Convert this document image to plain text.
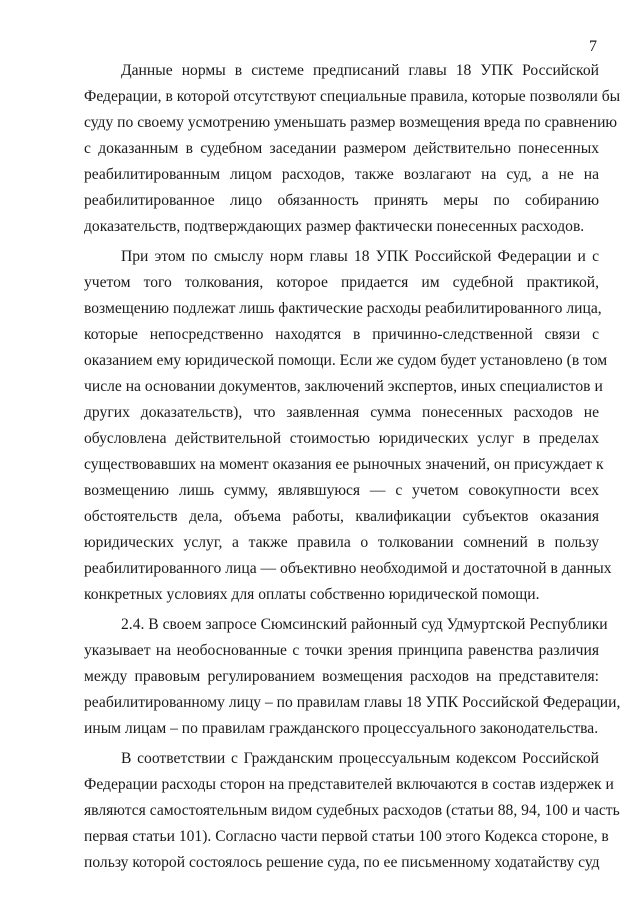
7

Данные нормы в системе предписаний главы 18 УПК Российской
Федерации, в которой отсутствуют специальные правила, которые позволяли бы
суду по своему усмотрению уменьшать размер возмещения вреда по сравнению
с доказанным в судебном заседании размером действительно понесенных
реабилитированным лицом расходов, также возлагают на суд, а не на
реабилитированное лицо обязанность принять меры по собиранию
доказательств, подтверждающих размер фактически понесенных расходов.

При этом по смыслу норм главы 18 УПК Российской Федерации и с
учетом того толкования, которое придается им судебной практикой,
возмещению подлежат лишь фактические расходы реабилитированного лица,
которые непосредственно находятся в причинно-следственной связи с
оказанием ему юридической помощи. Если же судом будет установлено (в том
числе на основании документов, заключений экспертов, иных специалистов и
других доказательств), что заявленная сумма понесенных расходов не
обусловлена действительной стоимостью юридических услуг в пределах
существовавших на момент оказания ее рыночных значений, он присуждает к
возмещению лишь сумму, являвшуюся — с учетом совокупности всех
обстоятельств дела, объема работы, квалификации субъектов оказания
юридических услуг, а также правила о толковании сомнений в пользу
реабилитированного лица — объективно необходимой и достаточной в данных
конкретных условиях для оплаты собственно юридической помощи.

2.4. В своем запросе Сюмсинский районный суд Удмуртской Республики
указывает на необоснованные с точки зрения принципа равенства различия
между правовым регулированием возмещения расходов на представителя:
реабилитированному лицу – по правилам главы 18 УПК Российской Федерации,
иным лицам – по правилам гражданского процессуального законодательства.

В соответствии с Гражданским процессуальным кодексом Российской
Федерации расходы сторон на представителей включаются в состав издержек и
являются самостоятельным видом судебных расходов (статьи 88, 94, 100 и часть
первая статьи 101). Согласно части первой статьи 100 этого Кодекса стороне, в
пользу которой состоялось решение суда, по ее письменному ходатайству суд
